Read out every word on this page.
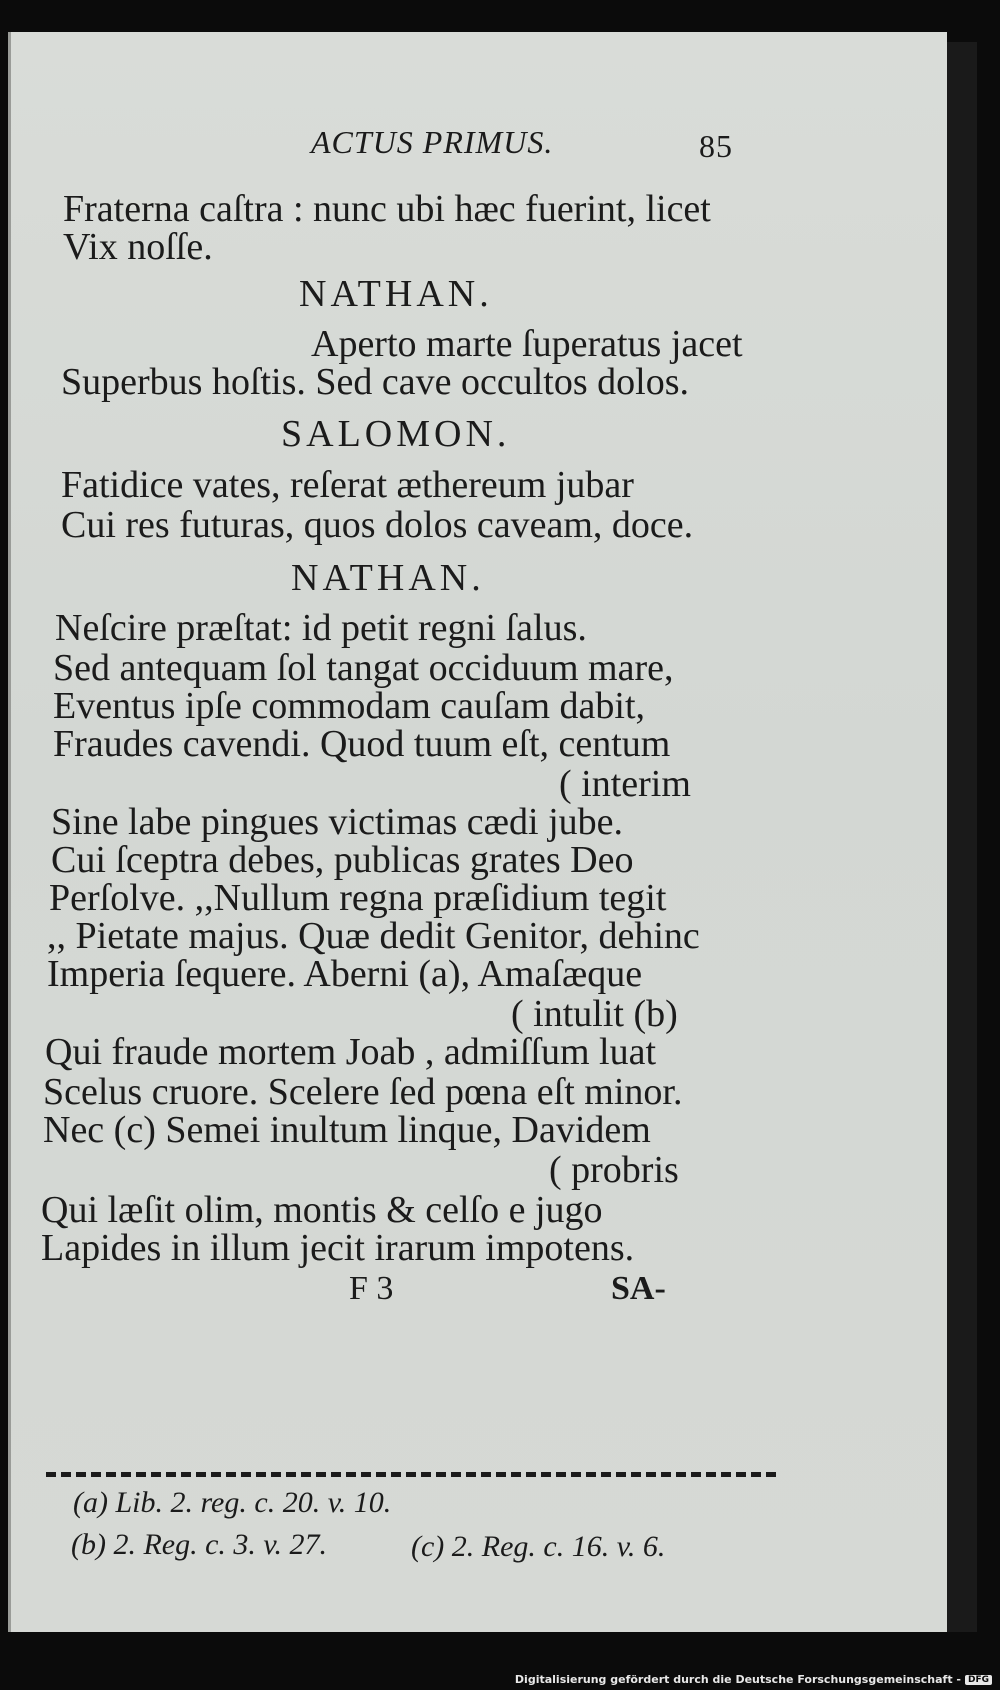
ACTUS PRIMUS.	85
Fraterna caſtra : nunc ubi hæc fuerint, licet
Vix noſſe.
NATHAN.
Aperto marte ſuperatus jacet
Superbus hoſtis. Sed cave occultos dolos.
SALOMON.
Fatidice vates, reſerat æthereum jubar
Cui res futuras, quos dolos caveam, doce.
NATHAN.
Neſcire præſtat: id petit regni ſalus.
Sed antequam ſol tangat occiduum mare,
Eventus ipſe commodam cauſam dabit,
Fraudes cavendi. Quod tuum eſt, centum
( interim
Sine labe pingues victimas cædi jube.
Cui ſceptra debes, publicas grates Deo
Perſolve. ,,Nullum regna præſidium tegit
,, Pietate majus. Quæ dedit Genitor, dehinc
Imperia ſequere. Aberni (a), Amaſæque
( intulit (b)
Qui fraude mortem Joab , admiſſum luat
Scelus cruore. Scelere ſed pœna eſt minor.
Nec (c) Semei inultum linque, Davidem
( probris
Qui læſit olim, montis & celſo e jugo
Lapides in illum jecit irarum impotens.
F 3	SA-
(a) Lib. 2. reg. c. 20. v. 10.
(b) 2. Reg. c. 3. v. 27.	(c) 2. Reg. c. 16. v. 6.
Digitalisierung gefördert durch die Deutsche Forschungsgemeinschaft - DFG
